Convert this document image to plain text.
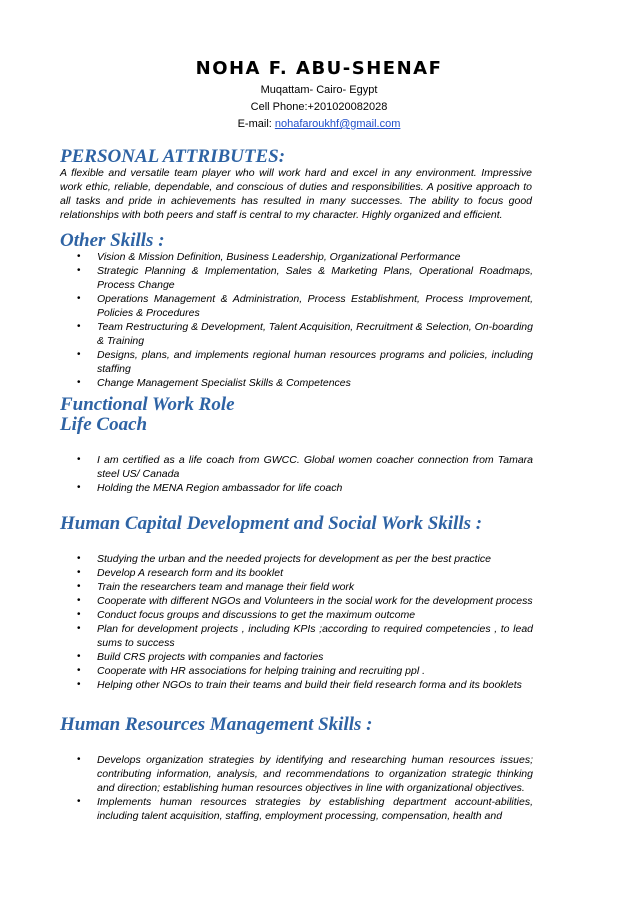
NOHA F. ABU-SHENAF
Muqattam- Cairo- Egypt
Cell Phone:+201020082028
E-mail: nohafaroukhf@gmail.com
PERSONAL ATTRIBUTES:
A flexible and versatile team player who will work hard and excel in any environment. Impressive work ethic, reliable, dependable, and conscious of duties and responsibilities. A positive approach to all tasks and pride in achievements has resulted in many successes. The ability to focus good relationships with both peers and staff is central to my character. Highly organized and efficient.
Other Skills :
• Vision & Mission Definition, Business Leadership, Organizational Performance
• Strategic Planning & Implementation, Sales & Marketing Plans, Operational Roadmaps, Process Change
• Operations Management & Administration, Process Establishment, Process Improvement, Policies & Procedures
• Team Restructuring & Development, Talent Acquisition, Recruitment & Selection, On-boarding & Training
• Designs, plans, and implements regional human resources programs and policies, including staffing
• Change Management Specialist Skills & Competences
Functional Work Role
Life Coach
• I am certified as a life coach from GWCC. Global women coacher connection from Tamara steel US/ Canada
• Holding the MENA Region ambassador for life coach
Human Capital Development and Social Work Skills :
• Studying the urban and the needed projects for development as per the best practice
• Develop A research form and its booklet
• Train the researchers team and manage their field work
• Cooperate with different NGOs and Volunteers in the social work for the development process
• Conduct focus groups and discussions to get the maximum outcome
• Plan for development projects , including KPIs ;according to required competencies , to lead sums to success
• Build CRS projects with companies and factories
• Cooperate with HR associations for helping training and recruiting ppl .
• Helping other NGOs to train their teams and build their field research forma and its booklets
Human Resources Management Skills :
• Develops organization strategies by identifying and researching human resources issues; contributing information, analysis, and recommendations to organization strategic thinking and direction; establishing human resources objectives in line with organizational objectives.
• Implements human resources strategies by establishing department account-abilities, including talent acquisition, staffing, employment processing, compensation, health and
